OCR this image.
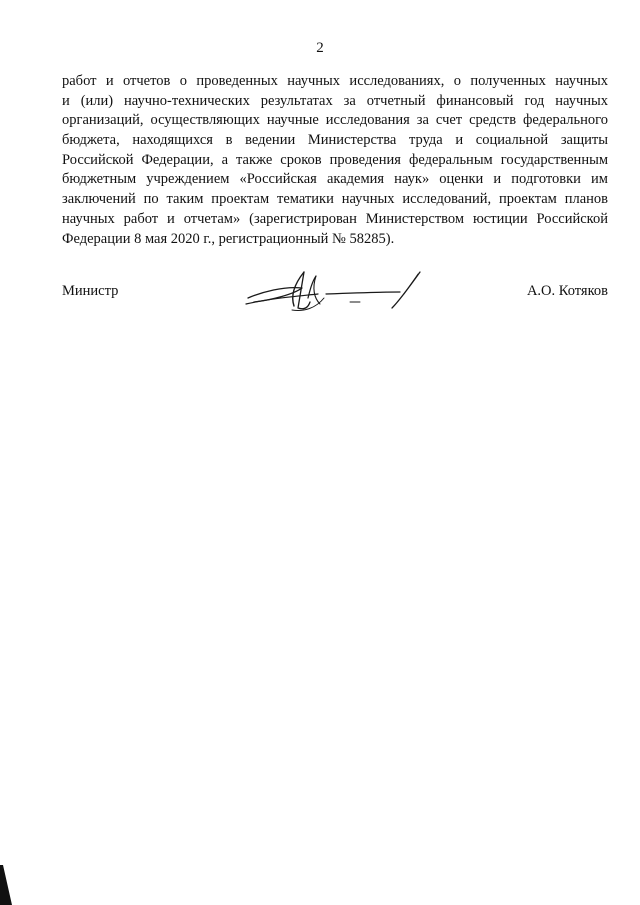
2
работ и отчетов о проведенных научных исследованиях, о полученных научных
и (или) научно-технических результатах за отчетный финансовый год научных
организаций, осуществляющих научные исследования за счет средств федерального
бюджета, находящихся в ведении Министерства труда и социальной защиты
Российской Федерации, а также сроков проведения федеральным государственным
бюджетным учреждением «Российская академия наук» оценки и подготовки им
заключений по таким проектам тематики научных исследований, проектам планов
научных работ и отчетам» (зарегистрирован Министерством юстиции Российской
Федерации 8 мая 2020 г., регистрационный № 58285).
Министр	А.О. Котяков
